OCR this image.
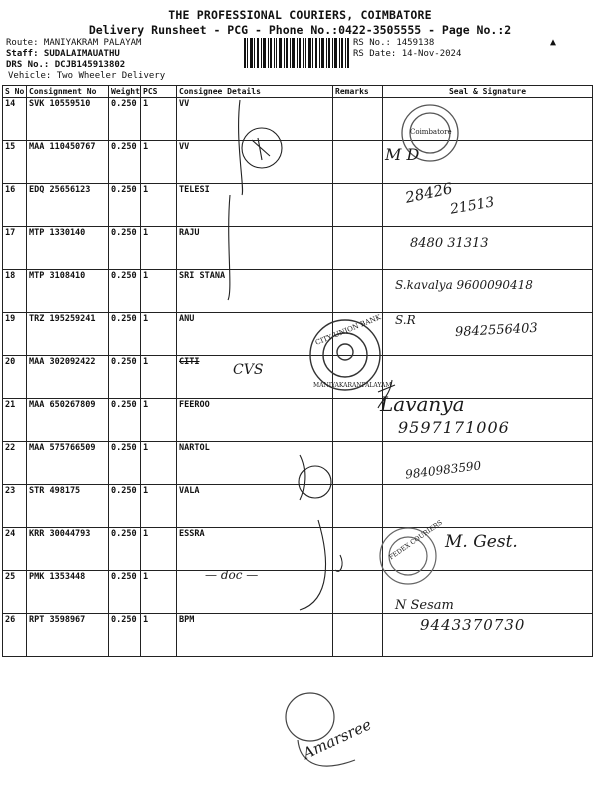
THE PROFESSIONAL COURIERS, COIMBATORE
Delivery Runsheet - PCG - Phone No.:0422-3505555 - Page No.:2
▲
Route: MANIYAKRAM PALAYAM
Staff: SUDALAIMAUATHU
DRS No.: DCJB145913802
RS No.: 1459138
RS Date: 14-Nov-2024
Vehicle: Two Wheeler Delivery
S No	Consignment No	Weight	PCS	Consignee Details	Remarks	Seal & Signature
14	SVK 10559510	0.250	1	VV		
15	MAA 110450767	0.250	1	VV		
16	EDQ 25656123	0.250	1	TELESI		
17	MTP 1330140	0.250	1	RAJU		
18	MTP 3108410	0.250	1	SRI STANA		
19	TRZ 195259241	0.250	1	ANU		
20	MAA 302092422	0.250	1	CITI		
21	MAA 650267809	0.250	1	FEEROO		
22	MAA 575766509	0.250	1	NARTOL		
23	STR 498175	0.250	1	VALA		
24	KRR 30044793	0.250	1	ESSRA		
25	PMK 1353448	0.250	1			
26	RPT 3598967	0.250	1	BPM		
Coimbatore
CITY UNION BANK
MANIYAKARANPALAYAM
FEDEX COURIERS
M D
28426
21513
8480 31313
S.kavalya 9600090418
S.R
9842556403
CVS
Lavanya
9597171006
9840983590
M. Gest.
— doc —
N Sesam
9443370730
Amarsree
